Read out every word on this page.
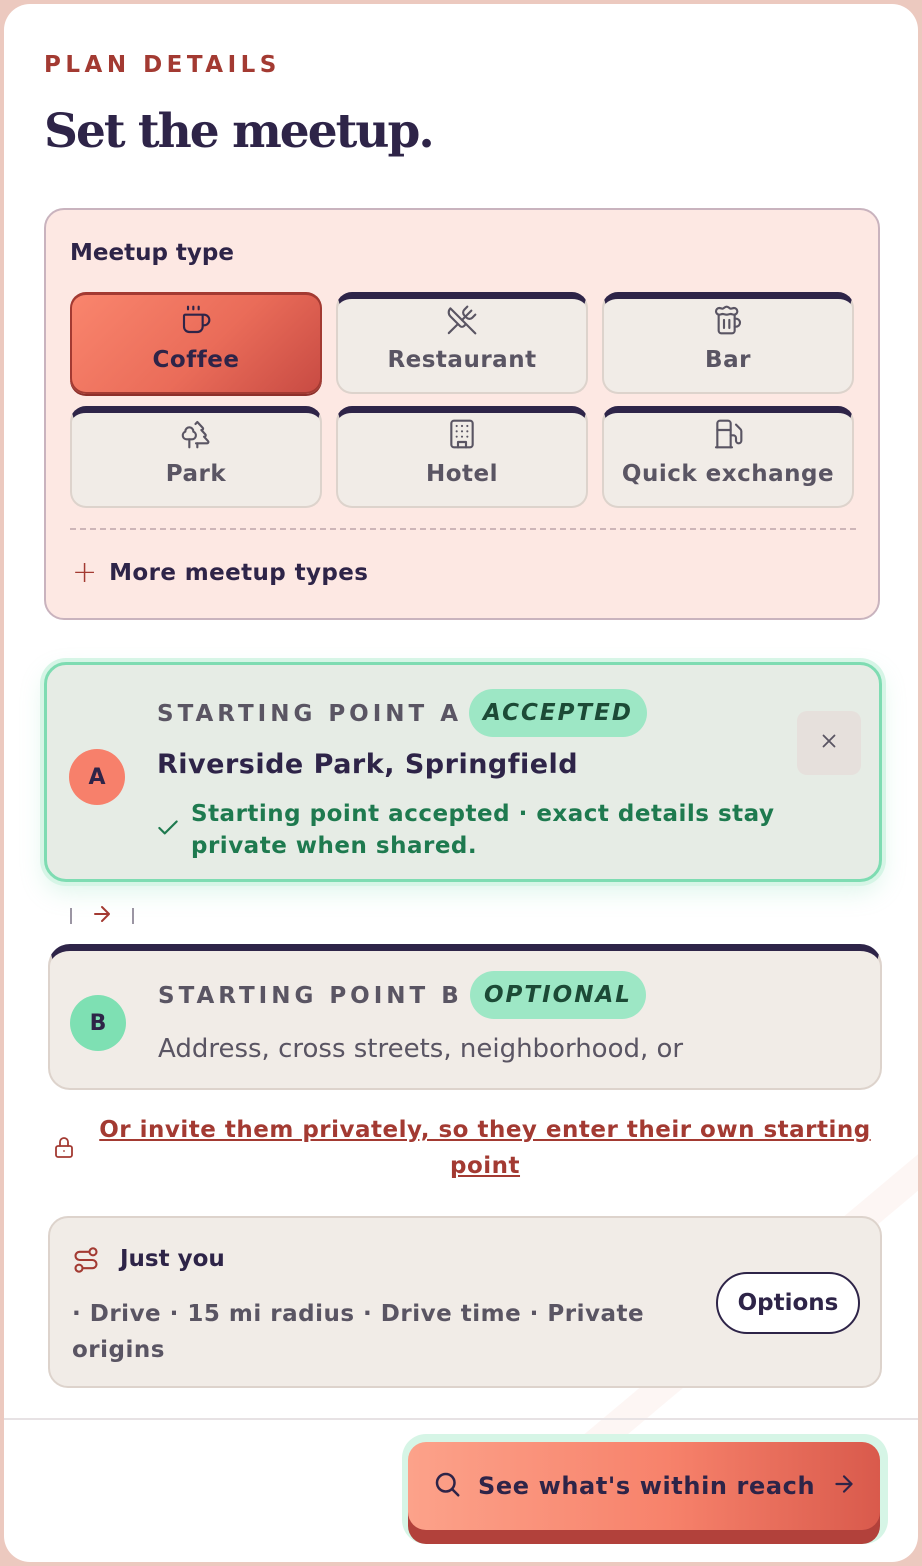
PLAN DETAILS
Set the meetup.
Meetup type
Coffee	Restaurant	Bar
Park	Hotel	Quick exchange
+ More meetup types
A
STARTING POINT A ACCEPTED
Riverside Park, Springfield
Starting point accepted · exact details stay private when shared.
B
STARTING POINT B OPTIONAL
Address, cross streets, neighborhood, or
Or invite them privately, so they enter their own starting point
Just you
· Drive · 15 mi radius · Drive time · Private origins
Options
See what's within reach
